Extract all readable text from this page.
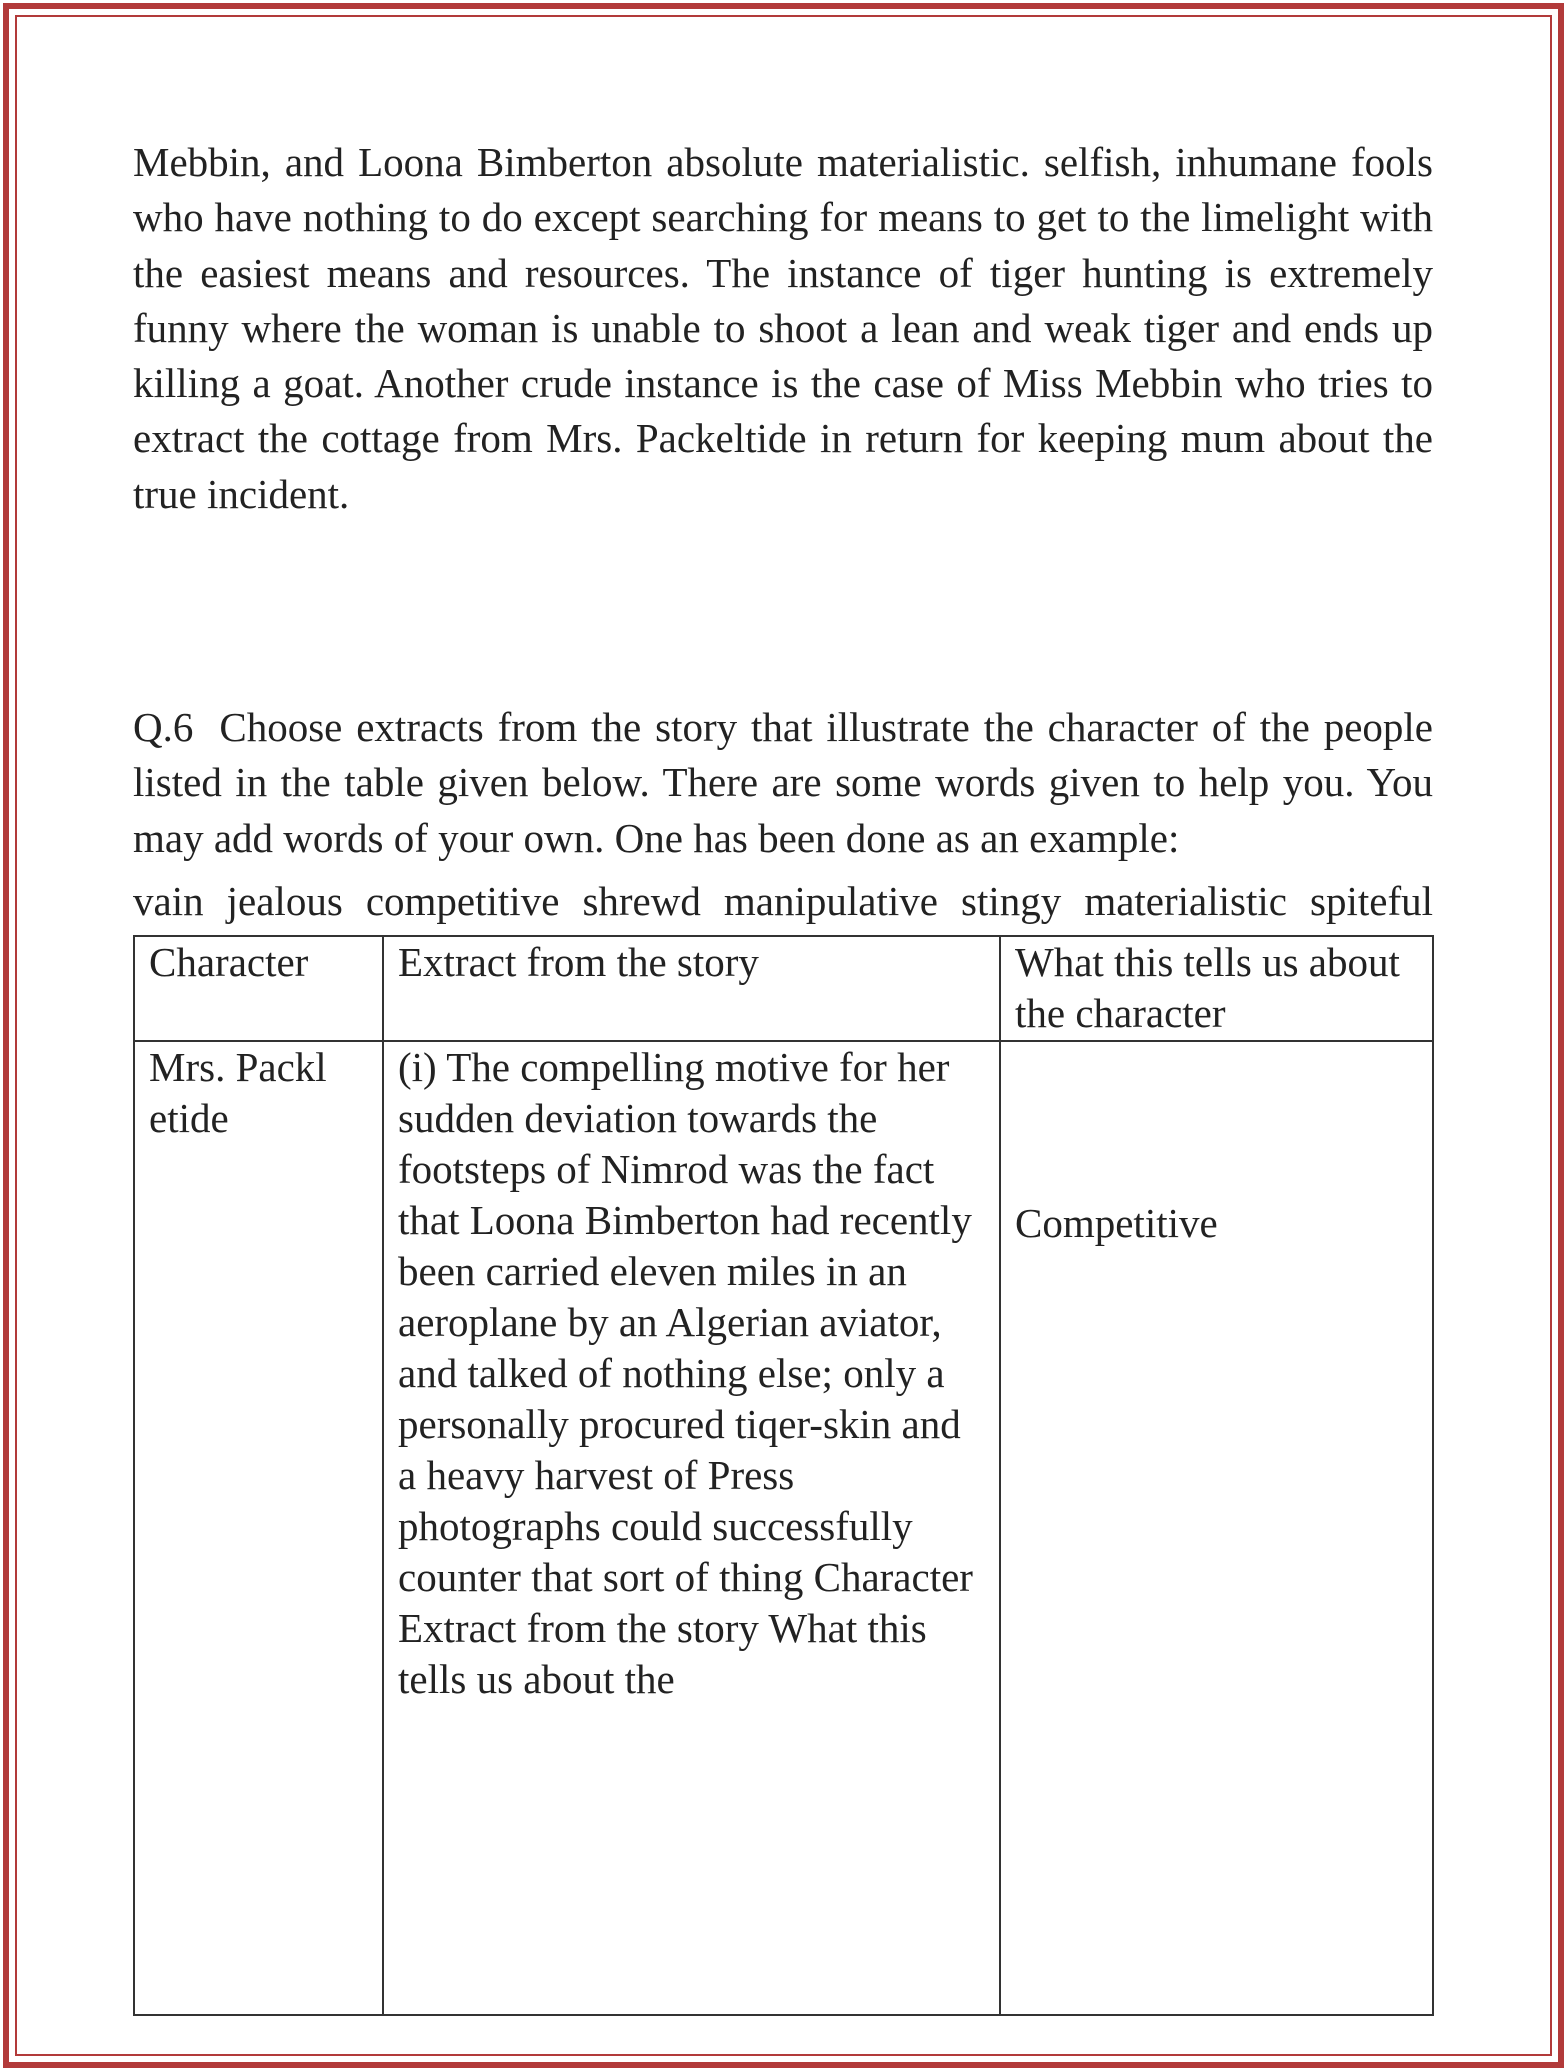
Mebbin, and Loona Bimberton absolute materialistic. selfish, inhumane fools who have nothing to do except searching for means to get to the limelight with the easiest means and resources. The instance of tiger hunting is extremely funny where the woman is unable to shoot a lean and weak tiger and ends up killing a goat. Another crude instance is the case of Miss Mebbin who tries to extract the cottage from Mrs. Packeltide in return for keeping mum about the true incident.

Q.6 Choose extracts from the story that illustrate the character of the people listed in the table given below. There are some words given to help you. You may add words of your own. One has been done as an example:

vain jealous competitive shrewd manipulative stingy materialistic spiteful

Character	Extract from the story	What this tells us about the character
Mrs. Packl etide	(i) The compelling motive for her sudden deviation towards the footsteps of Nimrod was the fact that Loona Bimberton had recently been carried eleven miles in an aeroplane by an Algerian aviator, and talked of nothing else; only a personally procured tiqer-skin and a heavy harvest of Press photographs could successfully counter that sort of thing Character Extract from the story What this tells us about the	Competitive
